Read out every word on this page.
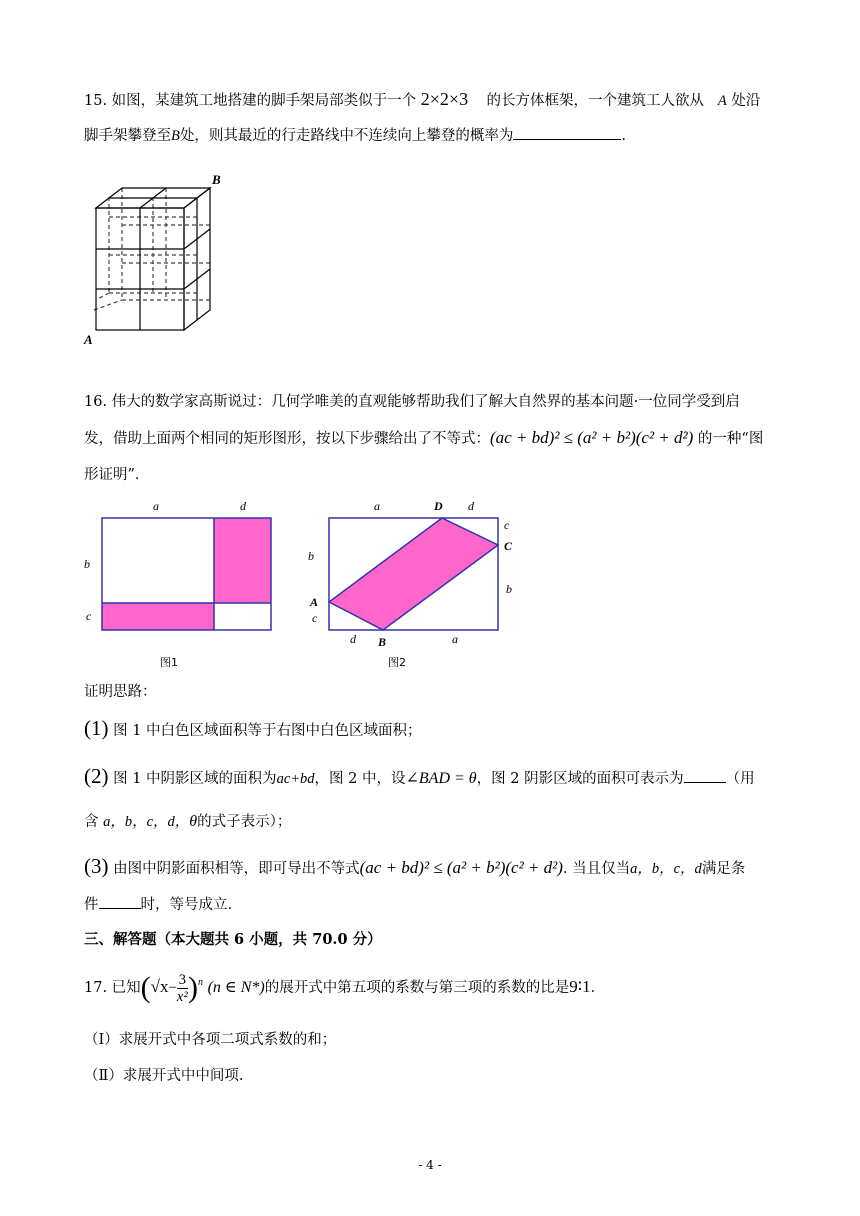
15. 如图，某建筑工地搭建的脚手架局部类似于一个 2×2×3 的长方体框架，一个建筑工人欲从 A 处沿
脚手架攀登至B处，则其最近的行走路线中不连续向上攀登的概率为	.
B
A
16. 伟大的数学家高斯说过：几何学唯美的直观能够帮助我们了解大自然界的基本问题·一位同学受到启
发，借助上面两个相同的矩形图形，按以下步骤给出了不等式：(ac + bd)² ≤ (a² + b²)(c² + d²) 的一种“图
形证明”．
a	d
b
c
图1
a	D d
c
C
b
b
A
c
d B	a
图2
证明思路：
(1) 图 1 中白色区域面积等于右图中白色区域面积；
(2) 图 1 中阴影区域的面积为ac+bd，图 2 中，设∠BAD = θ，图 2 阴影区域的面积可表示为	（用
含 a，b，c，d，θ的式子表示）；
(3) 由图中阴影面积相等，即可导出不等式(ac + bd)² ≤ (a² + b²)(c² + d²). 当且仅当a，b，c，d满足条
件	时，等号成立．
三、解答题（本大题共 6 小题，共 70.0 分）
17. 已知$(√x- \frac{3}{\text{x²}} )^n$ (n ∈ N*)的展开式中第五项的系数与第三项的系数的比是9∶1．
（Ⅰ）求展开式中各项二项式系数的和；
（Ⅱ）求展开式中中间项.
- 4 -
